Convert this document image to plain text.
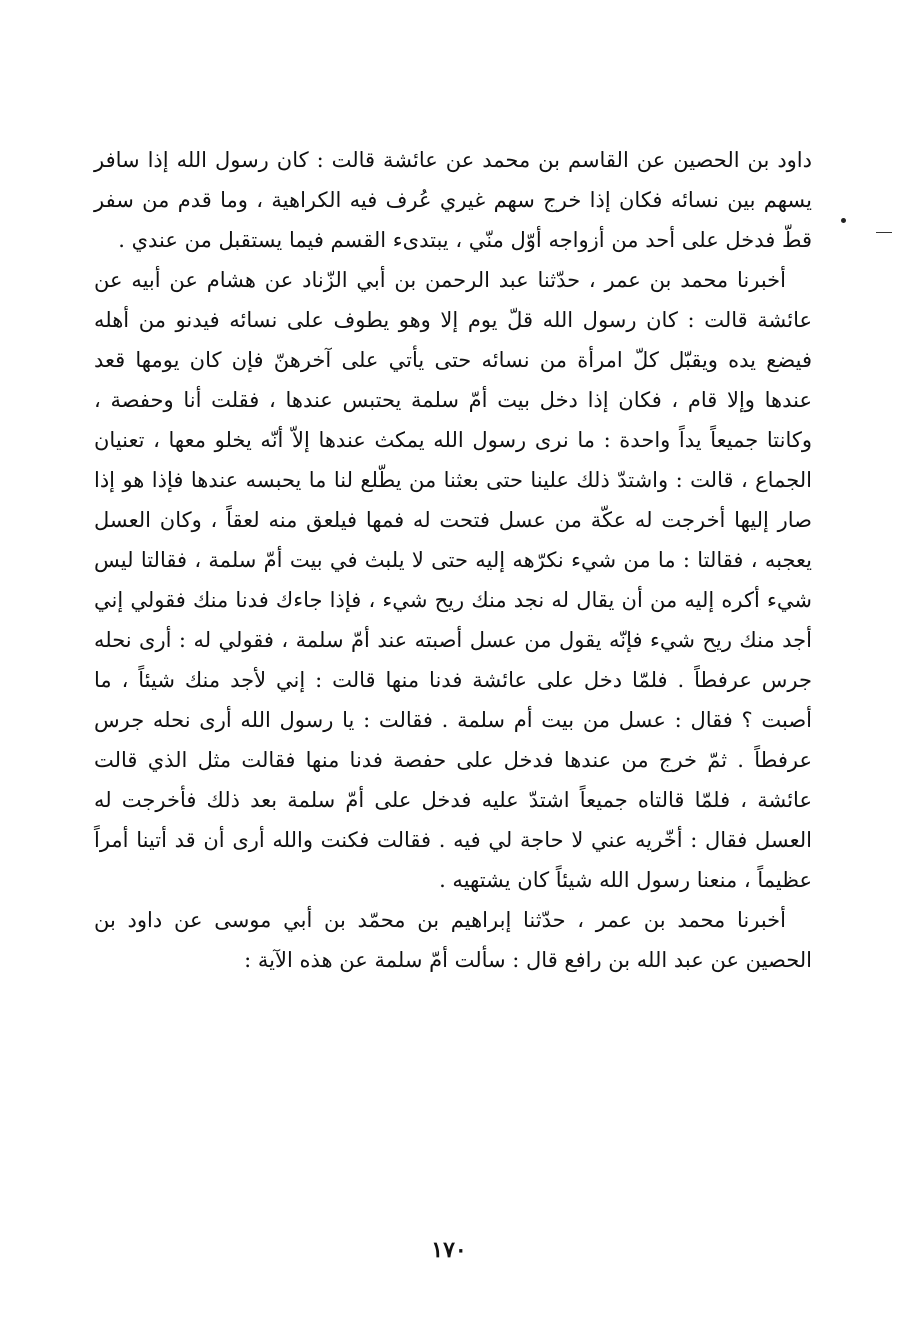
داود بن الحصين عن القاسم بن محمد عن عائشة قالت : كان رسول الله إذا سافر يسهم بين نسائه فكان إذا خرج سهم غيري عُرف فيه الكراهية ، وما قدم من سفر قطّ فدخل على أحد من أزواجه أوّل منّي ، يبتدىء القسم فيما يستقبل من عندي .

أخبرنا محمد بن عمر ، حدّثنا عبد الرحمن بن أبي الزّناد عن هشام عن أبيه عن عائشة قالت : كان رسول الله قلّ يوم إلا وهو يطوف على نسائه فيدنو من أهله فيضع يده ويقبّل كلّ امرأة من نسائه حتى يأتي على آخرهنّ فإن كان يومها قعد عندها وإلا قام ، فكان إذا دخل بيت أمّ سلمة يحتبس عندها ، فقلت أنا وحفصة ، وكانتا جميعاً يداً واحدة : ما نرى رسول الله يمكث عندها إلاّ أنّه يخلو معها ، تعنيان الجماع ، قالت : واشتدّ ذلك علينا حتى بعثنا من يطّلع لنا ما يحبسه عندها فإذا هو إذا صار إليها أخرجت له عكّة من عسل فتحت له فمها فيلعق منه لعقاً ، وكان العسل يعجبه ، فقالتا : ما من شيء نكرّهه إليه حتى لا يلبث في بيت أمّ سلمة ، فقالتا ليس شيء أكره إليه من أن يقال له نجد منك ريح شيء ، فإذا جاءك فدنا منك فقولي إني أجد منك ريح شيء فإنّه يقول من عسل أصبته عند أمّ سلمة ، فقولي له : أرى نحله جرس عرفطاً . فلمّا دخل على عائشة فدنا منها قالت : إني لأجد منك شيئاً ، ما أصبت ؟ فقال : عسل من بيت أم سلمة . فقالت : يا رسول الله أرى نحله جرس عرفطاً . ثمّ خرج من عندها فدخل على حفصة فدنا منها فقالت مثل الذي قالت عائشة ، فلمّا قالتاه جميعاً اشتدّ عليه فدخل على أمّ سلمة بعد ذلك فأخرجت له العسل فقال : أخّريه عني لا حاجة لي فيه . فقالت فكنت والله أرى أن قد أتينا أمراً عظيماً ، منعنا رسول الله شيئاً كان يشتهيه .

أخبرنا محمد بن عمر ، حدّثنا إبراهيم بن محمّد بن أبي موسى عن داود بن الحصين عن عبد الله بن رافع قال : سألت أمّ سلمة عن هذه الآية :

١٧٠
